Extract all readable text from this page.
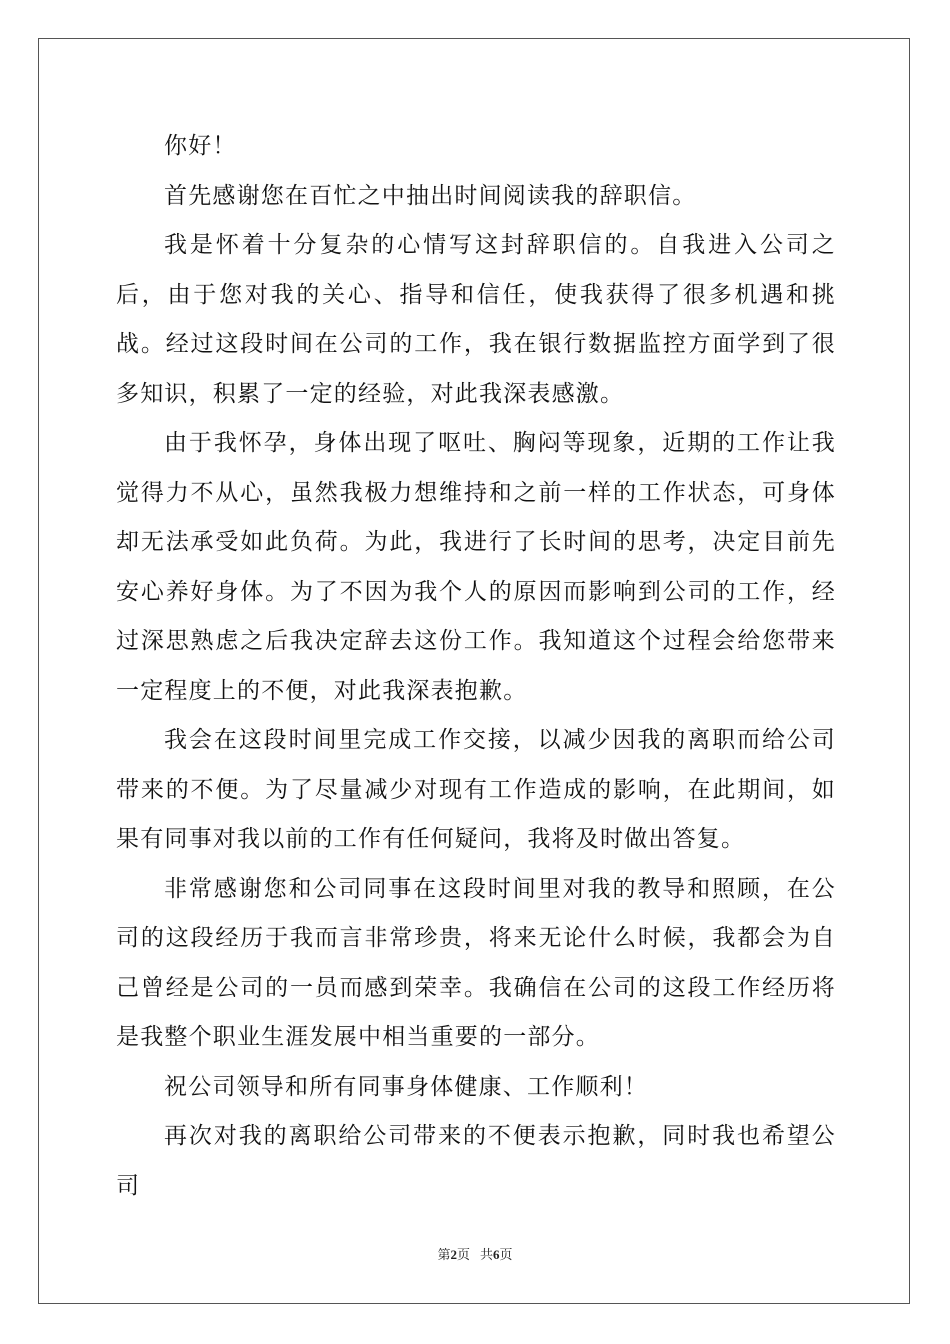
你好！

首先感谢您在百忙之中抽出时间阅读我的辞职信。

我是怀着十分复杂的心情写这封辞职信的。自我进入公司之后，由于您对我的关心、指导和信任，使我获得了很多机遇和挑战。经过这段时间在公司的工作，我在银行数据监控方面学到了很多知识，积累了一定的经验，对此我深表感激。

由于我怀孕，身体出现了呕吐、胸闷等现象，近期的工作让我觉得力不从心，虽然我极力想维持和之前一样的工作状态，可身体却无法承受如此负荷。为此，我进行了长时间的思考，决定目前先安心养好身体。为了不因为我个人的原因而影响到公司的工作，经过深思熟虑之后我决定辞去这份工作。我知道这个过程会给您带来一定程度上的不便，对此我深表抱歉。

我会在这段时间里完成工作交接，以减少因我的离职而给公司带来的不便。为了尽量减少对现有工作造成的影响，在此期间，如果有同事对我以前的工作有任何疑问，我将及时做出答复。

非常感谢您和公司同事在这段时间里对我的教导和照顾，在公司的这段经历于我而言非常珍贵，将来无论什么时候，我都会为自己曾经是公司的一员而感到荣幸。我确信在公司的这段工作经历将是我整个职业生涯发展中相当重要的一部分。

祝公司领导和所有同事身体健康、工作顺利！

再次对我的离职给公司带来的不便表示抱歉，同时我也希望公司

第2页 共6页
